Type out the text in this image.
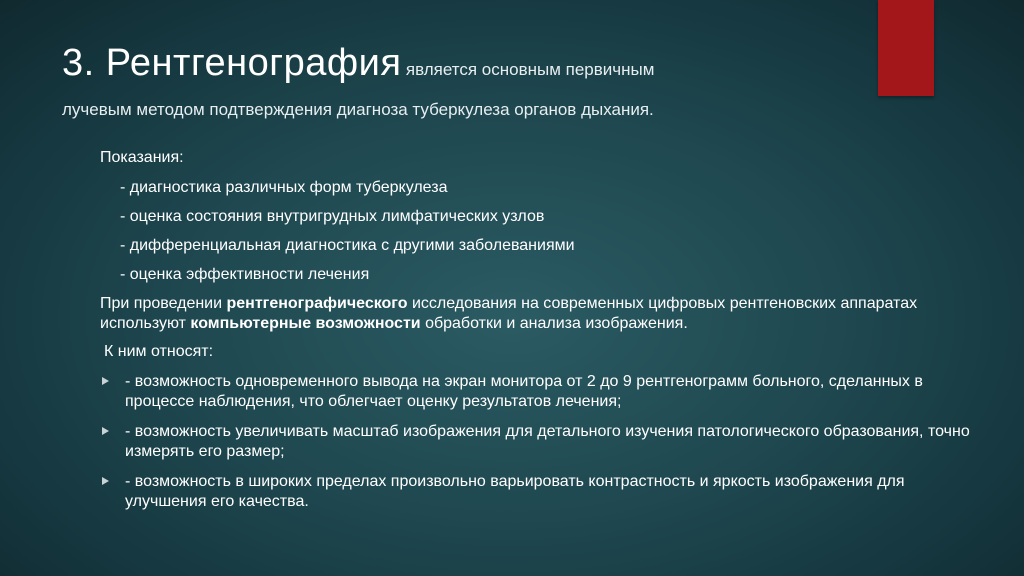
3. Рентгенография является основным первичным
лучевым методом подтверждения диагноза туберкулеза органов дыхания.

Показания:

- диагностика различных форм туберкулеза

- оценка состояния внутригрудных лимфатических узлов

- дифференциальная диагностика с другими заболеваниями

- оценка эффективности лечения

При проведении рентгенографического исследования на современных цифровых рентгеновских аппаратах используют компьютерные возможности обработки и анализа изображения.

К ним относят:

- возможность одновременного вывода на экран монитора от 2 до 9 рентгенограмм больного, сделанных в процессе наблюдения, что облегчает оценку результатов лечения;
- возможность увеличивать масштаб изображения для детального изучения патологического образования, точно измерять его размер;
- возможность в широких пределах произвольно варьировать контрастность и яркость изображения для улучшения его качества.
